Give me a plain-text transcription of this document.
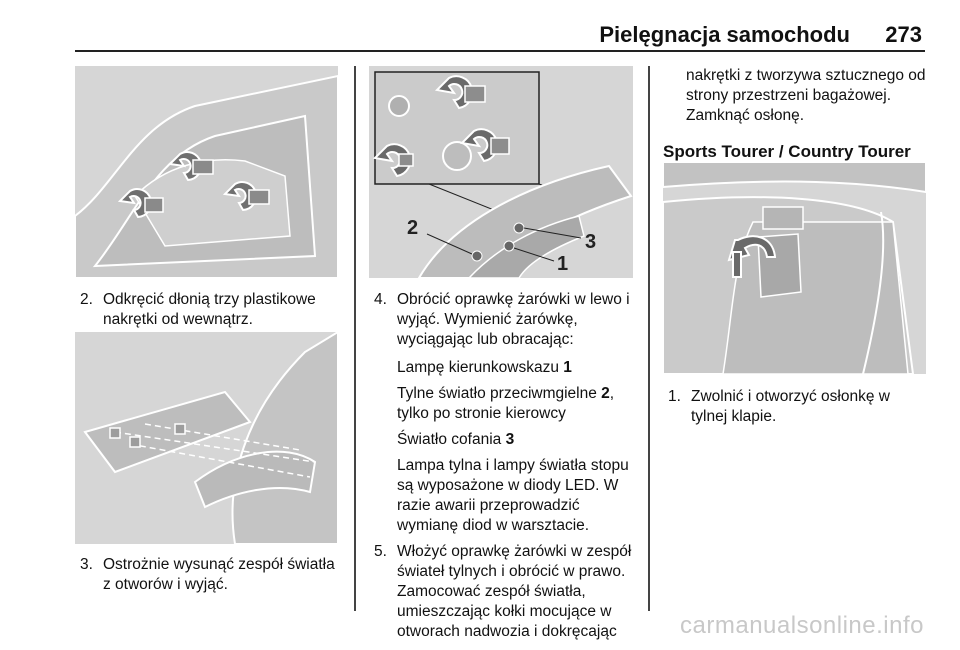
Pielęgnacja samochodu 273
2. Odkręcić dłonią trzy plastikowe nakrętki od wewnątrz.
3. Ostrożnie wysunąć zespół światła z otworów i wyjąć.
2
3
1
4. Obrócić oprawkę żarówki w lewo i wyjąć. Wymienić żarówkę, wyciągając lub obracając:
Lampę kierunkowskazu 1
Tylne światło przeciwmgielne 2, tylko po stronie kierowcy
Światło cofania 3
Lampa tylna i lampy światła stopu są wyposażone w diody LED. W razie awarii przeprowadzić wymianę diod w warsztacie.
5. Włożyć oprawkę żarówki w zespół świateł tylnych i obrócić w prawo. Zamocować zespół światła, umieszczając kołki mocujące w otworach nadwozia i dokręcając

nakrętki z tworzywa sztucznego od strony przestrzeni bagażowej. Zamknąć osłonę.

Sports Tourer / Country Tourer
1. Zwolnić i otworzyć osłonkę w tylnej klapie.
carmanualsonline.info
